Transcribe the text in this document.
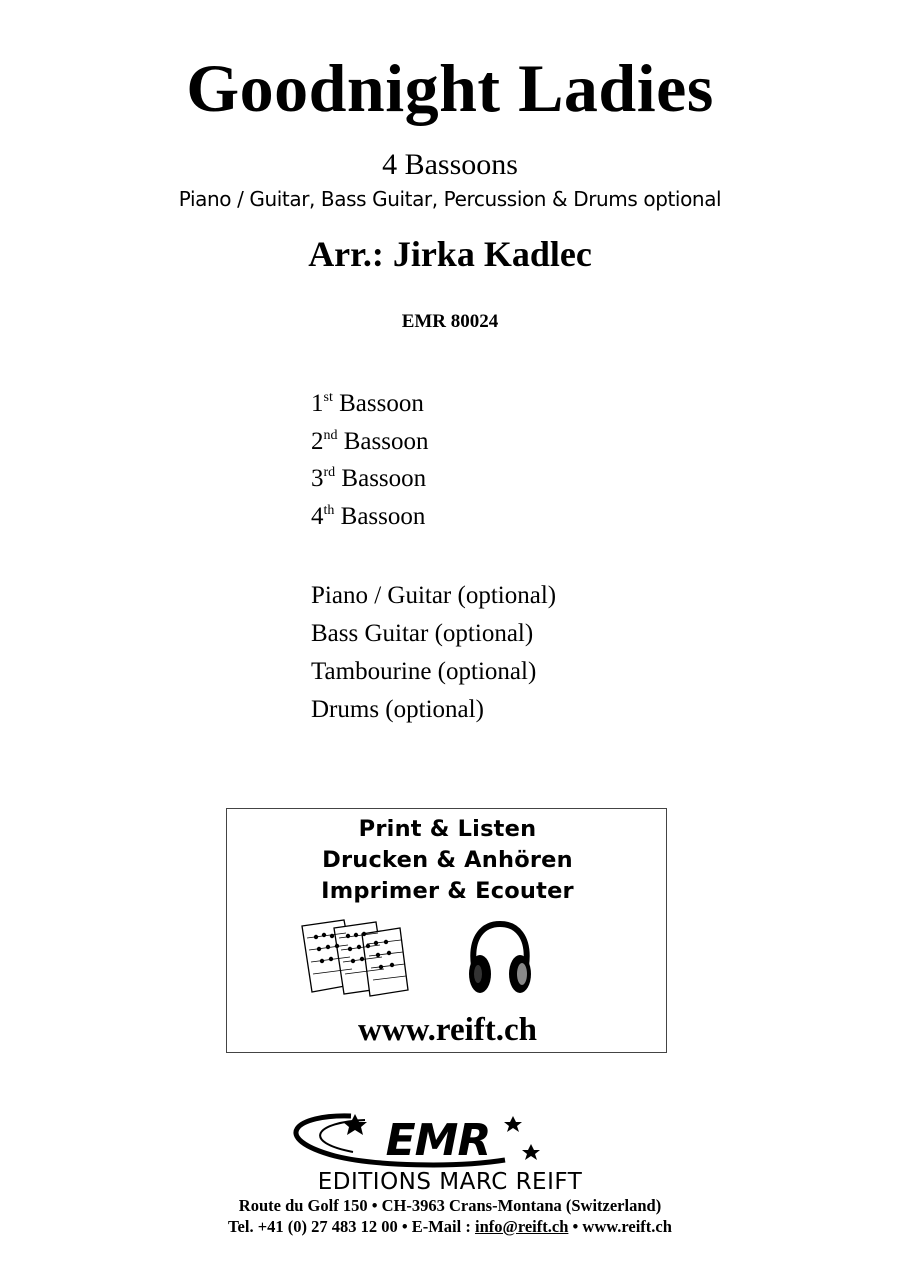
Goodnight Ladies
4 Bassoons
Piano / Guitar, Bass Guitar, Percussion & Drums optional
Arr.: Jirka Kadlec
EMR 80024
1st Bassoon
2nd Bassoon
3rd Bassoon
4th Bassoon
Piano / Guitar (optional)
Bass Guitar (optional)
Tambourine (optional)
Drums (optional)
Print & Listen
Drucken & Anhören
Imprimer & Ecouter
www.reift.ch
EMR
EDITIONS MARC REIFT
Route du Golf 150 • CH-3963 Crans-Montana (Switzerland)
Tel. +41 (0) 27 483 12 00 • E-Mail : info@reift.ch • www.reift.ch
